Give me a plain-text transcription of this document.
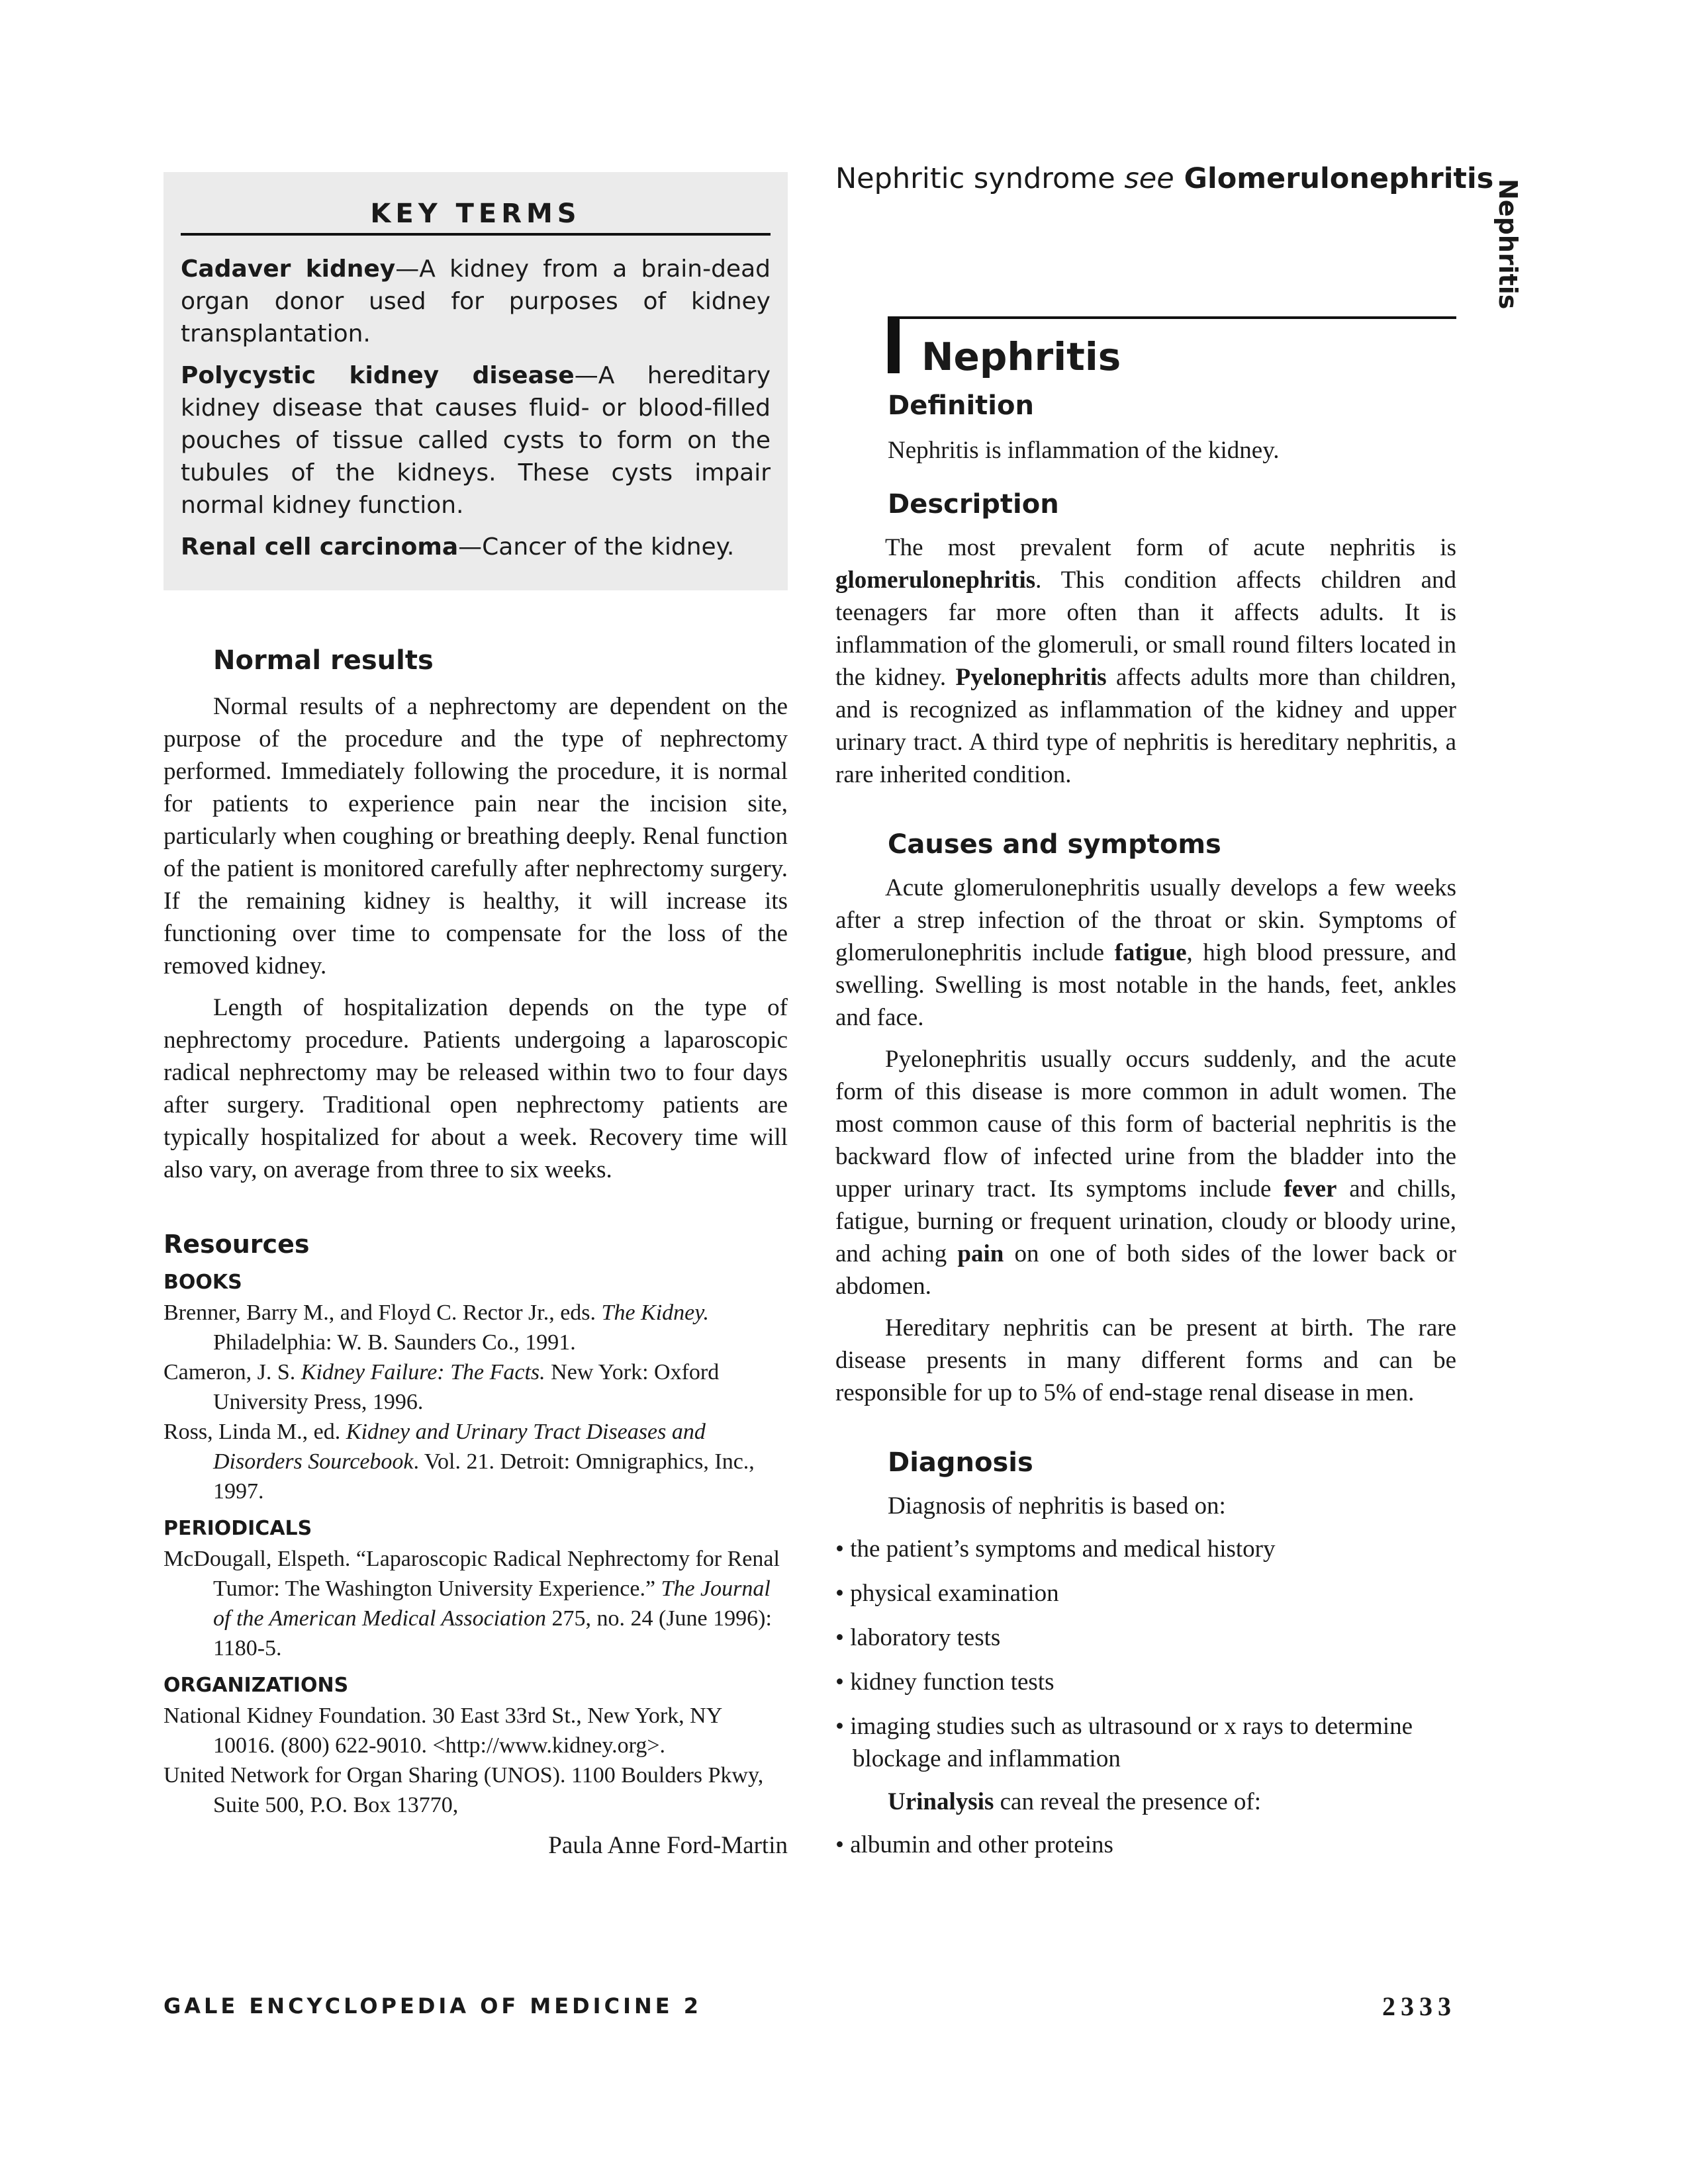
KEY TERMS

Cadaver kidney—A kidney from a brain-dead organ donor used for purposes of kidney transplantation.

Polycystic kidney disease—A hereditary kidney disease that causes fluid- or blood-filled pouches of tissue called cysts to form on the tubules of the kidneys. These cysts impair normal kidney function.

Renal cell carcinoma—Cancer of the kidney.

Normal results

Normal results of a nephrectomy are dependent on the purpose of the procedure and the type of nephrectomy performed. Immediately following the procedure, it is normal for patients to experience pain near the incision site, particularly when coughing or breathing deeply. Renal function of the patient is monitored carefully after nephrectomy surgery. If the remaining kidney is healthy, it will increase its functioning over time to compensate for the loss of the removed kidney.

Length of hospitalization depends on the type of nephrectomy procedure. Patients undergoing a laparoscopic radical nephrectomy may be released within two to four days after surgery. Traditional open nephrectomy patients are typically hospitalized for about a week. Recovery time will also vary, on average from three to six weeks.

Resources
BOOKS

Brenner, Barry M., and Floyd C. Rector Jr., eds. The Kidney. Philadelphia: W. B. Saunders Co., 1991.

Cameron, J. S. Kidney Failure: The Facts. New York: Oxford University Press, 1996.

Ross, Linda M., ed. Kidney and Urinary Tract Diseases and Disorders Sourcebook. Vol. 21. Detroit: Omnigraphics, Inc., 1997.

PERIODICALS

McDougall, Elspeth. “Laparoscopic Radical Nephrectomy for Renal Tumor: The Washington University Experience.” The Journal of the American Medical Association 275, no. 24 (June 1996): 1180-5.

ORGANIZATIONS

National Kidney Foundation. 30 East 33rd St., New York, NY 10016. (800) 622-9010. <http://www.kidney.org>.

United Network for Organ Sharing (UNOS). 1100 Boulders Pkwy, Suite 500, P.O. Box 13770,

Paula Anne Ford-Martin

Nephritic syndrome see Glomerulonephritis Nephritis
Nephritis
Definition

Nephritis is inflammation of the kidney.

Description

The most prevalent form of acute nephritis is glomerulonephritis. This condition affects children and teenagers far more often than it affects adults. It is inflammation of the glomeruli, or small round filters located in the kidney. Pyelonephritis affects adults more than children, and is recognized as inflammation of the kidney and upper urinary tract. A third type of nephritis is hereditary nephritis, a rare inherited condition.

Causes and symptoms

Acute glomerulonephritis usually develops a few weeks after a strep infection of the throat or skin. Symptoms of glomerulonephritis include fatigue, high blood pressure, and swelling. Swelling is most notable in the hands, feet, ankles and face.

Pyelonephritis usually occurs suddenly, and the acute form of this disease is more common in adult women. The most common cause of this form of bacterial nephritis is the backward flow of infected urine from the bladder into the upper urinary tract. Its symptoms include fever and chills, fatigue, burning or frequent urination, cloudy or bloody urine, and aching pain on one of both sides of the lower back or abdomen.

Hereditary nephritis can be present at birth. The rare disease presents in many different forms and can be responsible for up to 5% of end-stage renal disease in men.

Diagnosis

Diagnosis of nephritis is based on:

• the patient’s symptoms and medical history

• physical examination

• laboratory tests

• kidney function tests

• imaging studies such as ultrasound or x rays to determine blockage and inflammation

Urinalysis can reveal the presence of:

• albumin and other proteins

GALE ENCYCLOPEDIA OF MEDICINE 2	2333
